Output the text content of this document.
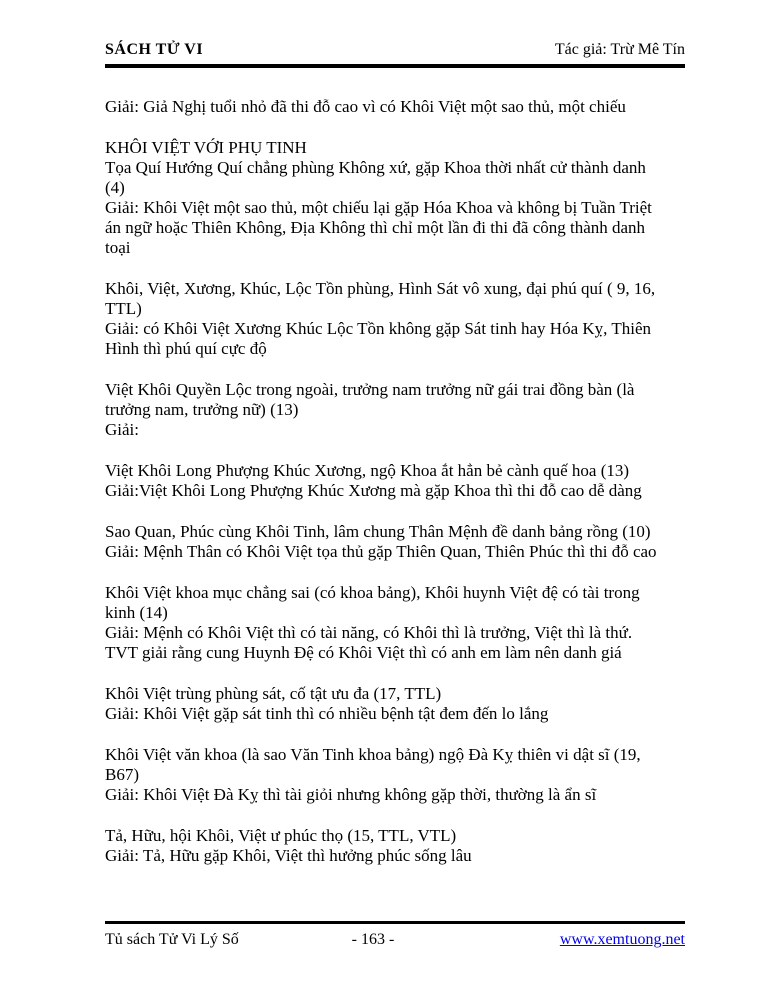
SÁCH TỬ VI	Tác giả: Trừ Mê Tín
Giải: Giả Nghị tuổi nhỏ đã thi đỗ cao vì có Khôi Việt một sao thủ, một chiếu
KHÔI VIỆT VỚI PHỤ TINH
Tọa Quí Hướng Quí chẳng phùng Không xứ, gặp Khoa thời nhất cử thành danh
(4)
Giải: Khôi Việt một sao thủ, một chiếu lại gặp Hóa Khoa và không bị Tuần Triệt
án ngữ hoặc Thiên Không, Địa Không thì chỉ một lần đi thi đã công thành danh
toại
Khôi, Việt, Xương, Khúc, Lộc Tồn phùng, Hình Sát vô xung, đại phú quí ( 9, 16,
TTL)
Giải: có Khôi Việt Xương Khúc Lộc Tồn không gặp Sát tinh hay Hóa Kỵ, Thiên
Hình thì phú quí cực độ
Việt Khôi Quyền Lộc trong ngoài, trưởng nam trưởng nữ gái trai đồng bàn (là
trưởng nam, trưởng nữ) (13)
Giải:
Việt Khôi Long Phượng Khúc Xương, ngộ Khoa ắt hẳn bẻ cành quế hoa (13)
Giải:Việt Khôi Long Phượng Khúc Xương mà gặp Khoa thì thi đỗ cao dễ dàng
Sao Quan, Phúc cùng Khôi Tinh, lâm chung Thân Mệnh đề danh bảng rồng (10)
Giải: Mệnh Thân có Khôi Việt tọa thủ gặp Thiên Quan, Thiên Phúc thì thi đỗ cao
Khôi Việt khoa mục chẳng sai (có khoa bảng), Khôi huynh Việt đệ có tài trong
kinh (14)
Giải: Mệnh có Khôi Việt thì có tài năng, có Khôi thì là trưởng, Việt thì là thứ.
TVT giải rằng cung Huynh Đệ có Khôi Việt thì có anh em làm nên danh giá
Khôi Việt trùng phùng sát, cố tật ưu đa (17, TTL)
Giải: Khôi Việt gặp sát tinh thì có nhiều bệnh tật đem đến lo lắng
Khôi Việt văn khoa (là sao Văn Tinh khoa bảng) ngộ Đà Kỵ thiên vi dật sĩ (19,
B67)
Giải: Khôi Việt Đà Kỵ thì tài giỏi nhưng không gặp thời, thường là ẩn sĩ
Tả, Hữu, hội Khôi, Việt ư phúc thọ (15, TTL, VTL)
Giải: Tả, Hữu gặp Khôi, Việt thì hưởng phúc sống lâu
Tủ sách Tử Vi Lý Số	- 163 -	www.xemtuong.net
